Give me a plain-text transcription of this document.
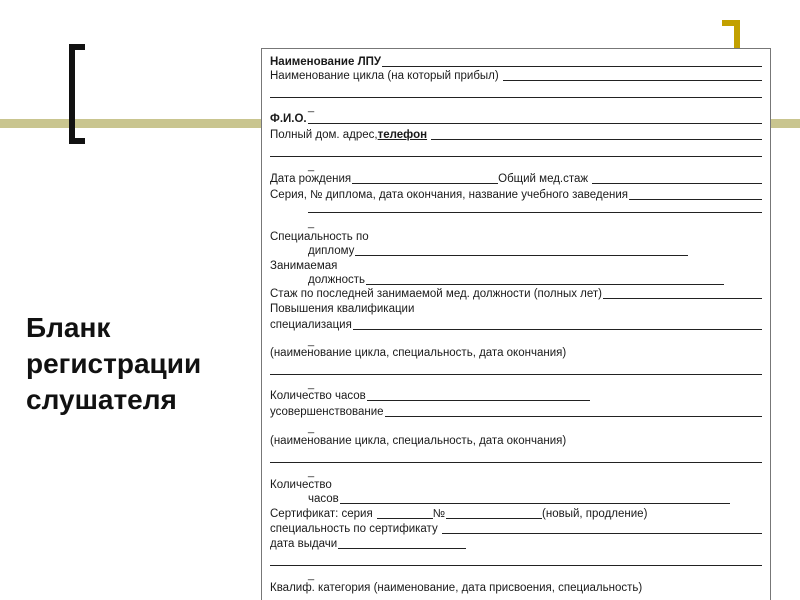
Бланк
регистрации
слушателя
Наименование ЛПУ
Наименование цикла (на который прибыл)
_
Ф.И.О.
Полный дом. адрес, телефон
_
Дата рождения	Общий мед.стаж
Серия, № диплома, дата окончания, название учебного заведения
_
Специальность по
диплому
Занимаемая
должность
Стаж по последней занимаемой мед. должности (полных лет)
Повышения квалификации
специализация
_
(наименование цикла, специальность, дата окончания)
_
Количество часов
усовершенствование
_
(наименование цикла, специальность, дата окончания)
_
Количество
часов
Сертификат: серия	№	(новый, продление)
специальность по сертификату
дата выдачи
_
Квалиф. категория (наименование, дата присвоения, специальность)
